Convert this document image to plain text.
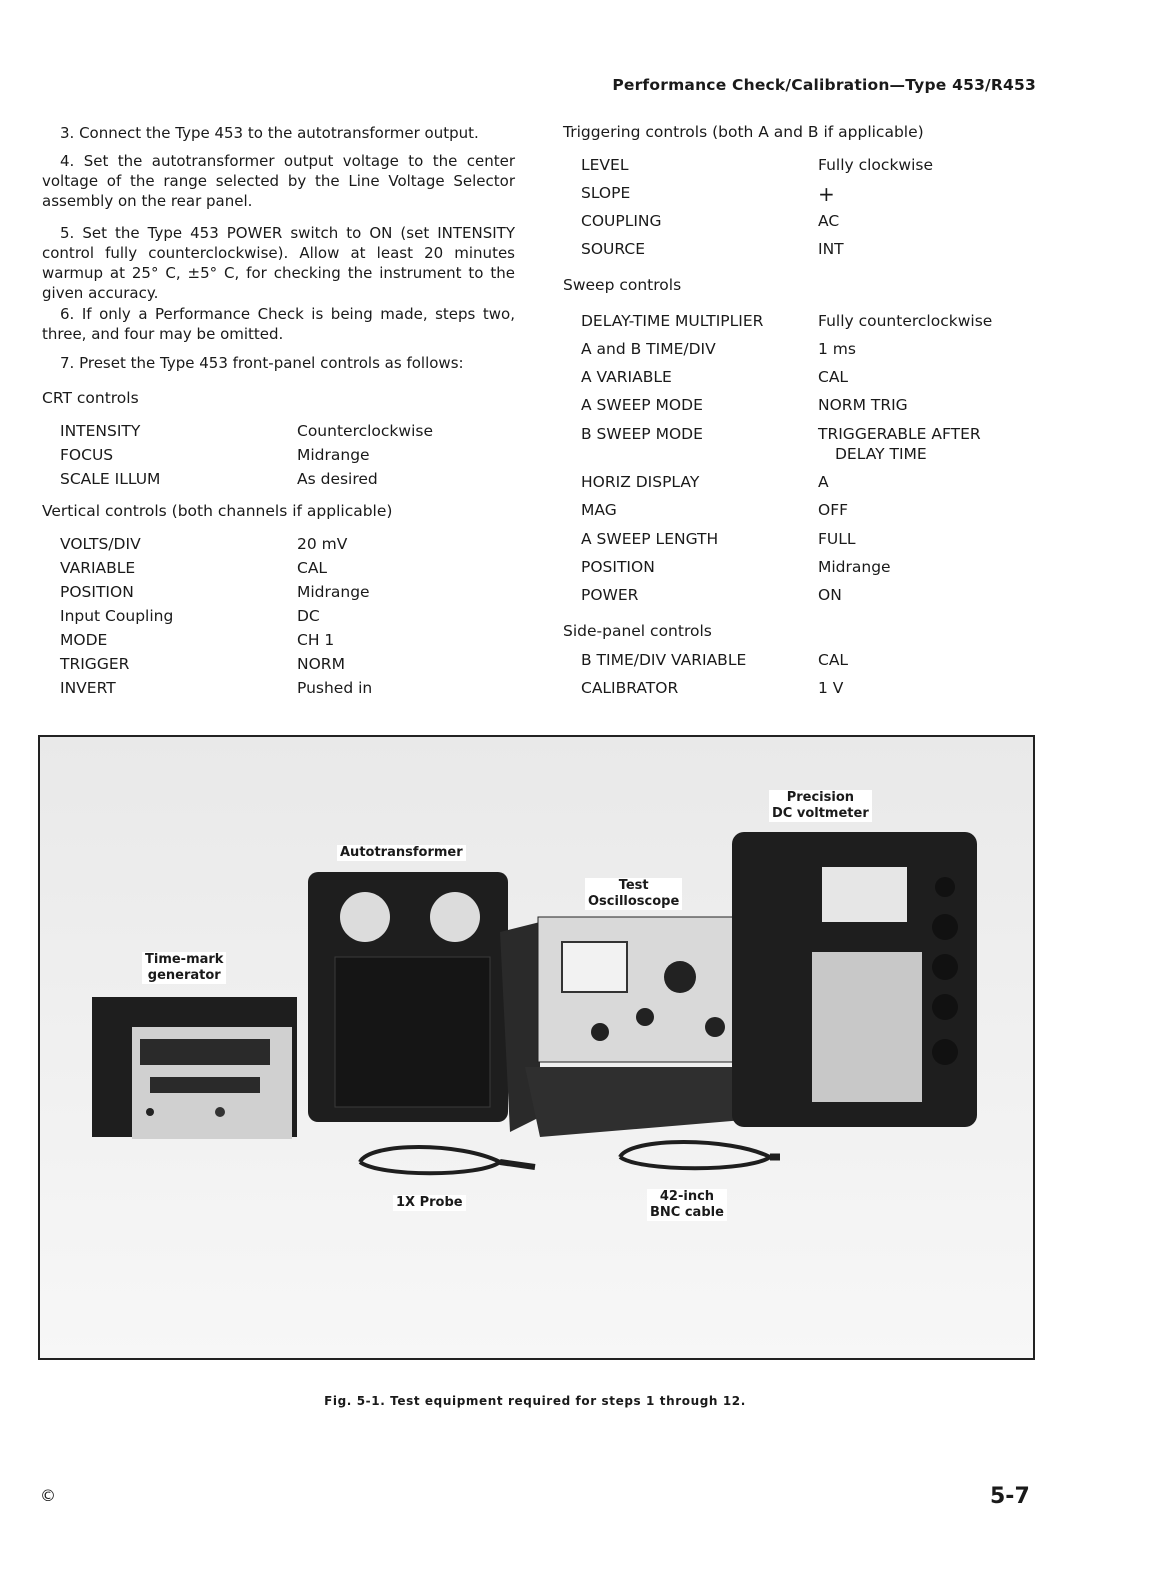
Performance Check/Calibration—Type 453/R453
3. Connect the Type 453 to the autotransformer output.
4. Set the autotransformer output voltage to the center voltage of the range selected by the Line Voltage Selector assembly on the rear panel.
5. Set the Type 453 POWER switch to ON (set INTENSITY control fully counterclockwise). Allow at least 20 minutes warmup at 25° C, ±5° C, for checking the instrument to the given accuracy.
6. If only a Performance Check is being made, steps two, three, and four may be omitted.
7. Preset the Type 453 front-panel controls as follows:
CRT controls
INTENSITY	Counterclockwise
FOCUS	Midrange
SCALE ILLUM	As desired
Vertical controls (both channels if applicable)
VOLTS/DIV	20 mV
VARIABLE	CAL
POSITION	Midrange
Input Coupling	DC
MODE	CH 1
TRIGGER	NORM
INVERT	Pushed in
Triggering controls (both A and B if applicable)
LEVEL	Fully clockwise
SLOPE	+
COUPLING	AC
SOURCE	INT
Sweep controls
DELAY-TIME MULTIPLIER	Fully counterclockwise
A and B TIME/DIV	1 ms
A VARIABLE	CAL
A SWEEP MODE	NORM TRIG
B SWEEP MODE	TRIGGERABLE AFTER
DELAY TIME
HORIZ DISPLAY	A
MAG	OFF
A SWEEP LENGTH	FULL
POSITION	Midrange
POWER	ON
Side-panel controls
B TIME/DIV VARIABLE	CAL
CALIBRATOR	1 V
Precision
DC voltmeter
Autotransformer
Test
Oscilloscope
Time-mark
generator
1X Probe	42-inch
BNC cable
Fig. 5-1. Test equipment required for steps 1 through 12.
©	5-7
